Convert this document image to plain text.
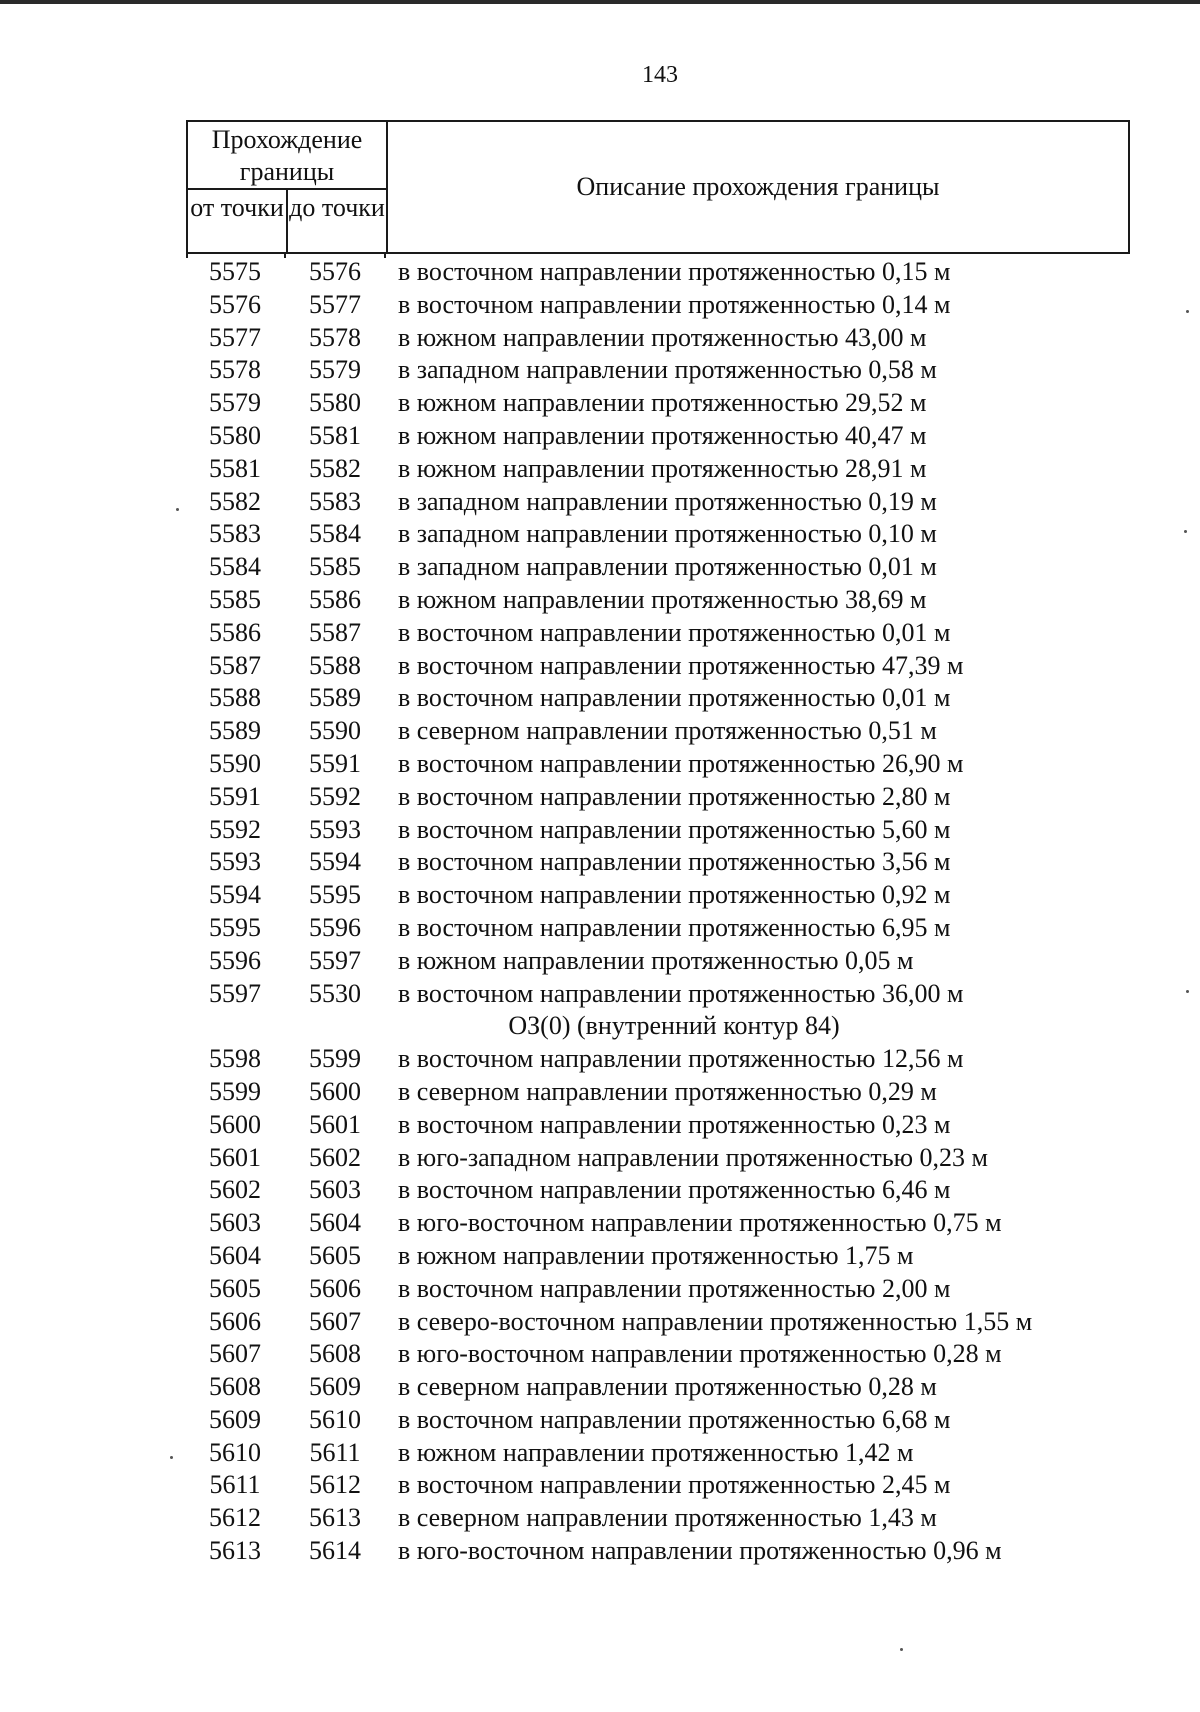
143
Прохождение границы
от точки до точки
Описание прохождения границы
5575	5576	в восточном направлении протяженностью 0,15 м
5576	5577	в восточном направлении протяженностью 0,14 м
5577	5578	в южном направлении протяженностью 43,00 м
5578	5579	в западном направлении протяженностью 0,58 м
5579	5580	в южном направлении протяженностью 29,52 м
5580	5581	в южном направлении протяженностью 40,47 м
5581	5582	в южном направлении протяженностью 28,91 м
5582	5583	в западном направлении протяженностью 0,19 м
5583	5584	в западном направлении протяженностью 0,10 м
5584	5585	в западном направлении протяженностью 0,01 м
5585	5586	в южном направлении протяженностью 38,69 м
5586	5587	в восточном направлении протяженностью 0,01 м
5587	5588	в восточном направлении протяженностью 47,39 м
5588	5589	в восточном направлении протяженностью 0,01 м
5589	5590	в северном направлении протяженностью 0,51 м
5590	5591	в восточном направлении протяженностью 26,90 м
5591	5592	в восточном направлении протяженностью 2,80 м
5592	5593	в восточном направлении протяженностью 5,60 м
5593	5594	в восточном направлении протяженностью 3,56 м
5594	5595	в восточном направлении протяженностью 0,92 м
5595	5596	в восточном направлении протяженностью 6,95 м
5596	5597	в южном направлении протяженностью 0,05 м
5597	5530	в восточном направлении протяженностью 36,00 м
ОЗ(0) (внутренний контур 84)
5598	5599	в восточном направлении протяженностью 12,56 м
5599	5600	в северном направлении протяженностью 0,29 м
5600	5601	в восточном направлении протяженностью 0,23 м
5601	5602	в юго-западном направлении протяженностью 0,23 м
5602	5603	в восточном направлении протяженностью 6,46 м
5603	5604	в юго-восточном направлении протяженностью 0,75 м
5604	5605	в южном направлении протяженностью 1,75 м
5605	5606	в восточном направлении протяженностью 2,00 м
5606	5607	в северо-восточном направлении протяженностью 1,55 м
5607	5608	в юго-восточном направлении протяженностью 0,28 м
5608	5609	в северном направлении протяженностью 0,28 м
5609	5610	в восточном направлении протяженностью 6,68 м
5610	5611	в южном направлении протяженностью 1,42 м
5611	5612	в восточном направлении протяженностью 2,45 м
5612	5613	в северном направлении протяженностью 1,43 м
5613	5614	в юго-восточном направлении протяженностью 0,96 м
